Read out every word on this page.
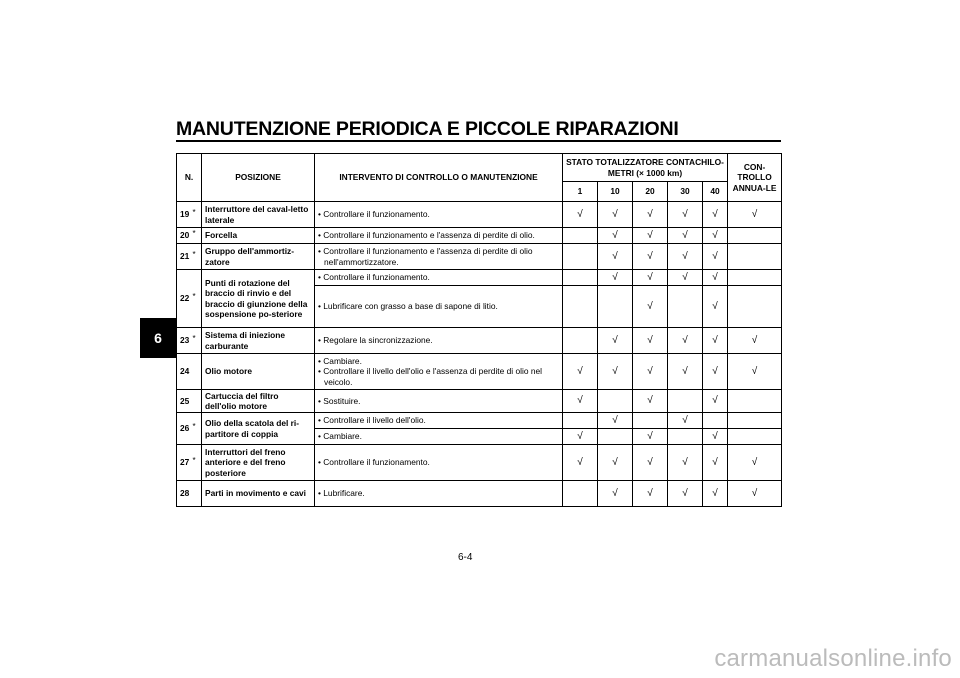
MANUTENZIONE PERIODICA E PICCOLE RIPARAZIONI
6
N.		POSIZIONE	INTERVENTO DI CONTROLLO O MANUTENZIONE	STATO TOTALIZZATORE CONTACHILO-METRI (× 1000 km)					CON-TROLLO ANNUA-LE
				1	10	20	30	40	
19	*	Interruttore del caval-letto laterale	• Controllare il funzionamento.	√	√	√	√	√	√
20	*	Forcella	• Controllare il funzionamento e l'assenza di perdite di olio.		√	√	√	√	
21	*	Gruppo dell'ammortiz-zatore	• Controllare il funzionamento e l'assenza di perdite di olio nell'ammortizzatore.		√	√	√	√	
22	*	Punti di rotazione del braccio di rinvio e del braccio di giunzione della sospensione po-steriore	• Controllare il funzionamento.		√	√	√	√	

			• Lubrificare con grasso a base di sapone di litio.			√		√	
23	*	Sistema di iniezione carburante	• Regolare la sincronizzazione.		√	√	√	√	√
24		Olio motore	• Cambiare.
• Controllare il livello dell'olio e l'assenza di perdite di olio nel veicolo.	√	√	√	√	√	√
25		Cartuccia del filtro dell'olio motore	• Sostituire.	√		√		√	
26	*	Olio della scatola del ri-partitore di coppia	• Controllare il livello dell'olio.		√		√		

			• Cambiare.	√		√		√	
27	*	Interruttori del freno anteriore e del freno posteriore	• Controllare il funzionamento.	√	√	√	√	√	√
28		Parti in movimento e cavi	• Lubrificare.		√	√	√	√	√
6-4
carmanualsonline.info
